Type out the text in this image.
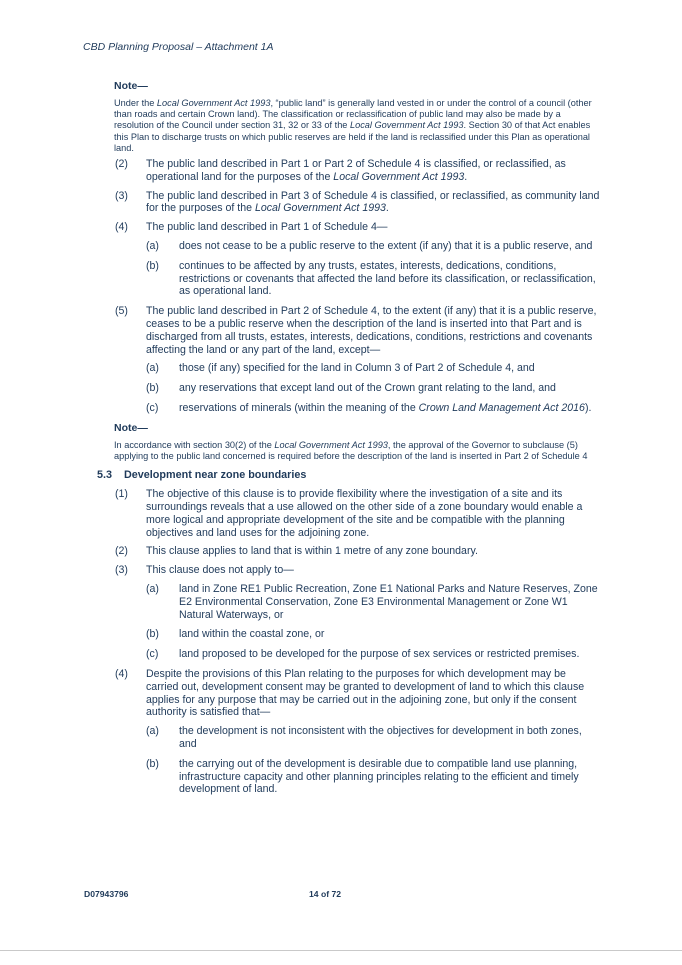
CBD Planning Proposal – Attachment 1A
Note—
Under the Local Government Act 1993, “public land” is generally land vested in or under the control of a council (other than roads and certain Crown land). The classification or reclassification of public land may also be made by a resolution of the Council under section 31, 32 or 33 of the Local Government Act 1993. Section 30 of that Act enables this Plan to discharge trusts on which public reserves are held if the land is reclassified under this Plan as operational land.
(2) The public land described in Part 1 or Part 2 of Schedule 4 is classified, or reclassified, as operational land for the purposes of the Local Government Act 1993.
(3) The public land described in Part 3 of Schedule 4 is classified, or reclassified, as community land for the purposes of the Local Government Act 1993.
(4) The public land described in Part 1 of Schedule 4—
(a) does not cease to be a public reserve to the extent (if any) that it is a public reserve, and
(b) continues to be affected by any trusts, estates, interests, dedications, conditions, restrictions or covenants that affected the land before its classification, or reclassification, as operational land.
(5) The public land described in Part 2 of Schedule 4, to the extent (if any) that it is a public reserve, ceases to be a public reserve when the description of the land is inserted into that Part and is discharged from all trusts, estates, interests, dedications, conditions, restrictions and covenants affecting the land or any part of the land, except—
(a) those (if any) specified for the land in Column 3 of Part 2 of Schedule 4, and
(b) any reservations that except land out of the Crown grant relating to the land, and
(c) reservations of minerals (within the meaning of the Crown Land Management Act 2016).
Note—
In accordance with section 30(2) of the Local Government Act 1993, the approval of the Governor to subclause (5) applying to the public land concerned is required before the description of the land is inserted in Part 2 of Schedule 4
5.3 Development near zone boundaries
(1) The objective of this clause is to provide flexibility where the investigation of a site and its surroundings reveals that a use allowed on the other side of a zone boundary would enable a more logical and appropriate development of the site and be compatible with the planning objectives and land uses for the adjoining zone.
(2) This clause applies to land that is within 1 metre of any zone boundary.
(3) This clause does not apply to—
(a) land in Zone RE1 Public Recreation, Zone E1 National Parks and Nature Reserves, Zone E2 Environmental Conservation, Zone E3 Environmental Management or Zone W1 Natural Waterways, or
(b) land within the coastal zone, or
(c) land proposed to be developed for the purpose of sex services or restricted premises.
(4) Despite the provisions of this Plan relating to the purposes for which development may be carried out, development consent may be granted to development of land to which this clause applies for any purpose that may be carried out in the adjoining zone, but only if the consent authority is satisfied that—
(a) the development is not inconsistent with the objectives for development in both zones, and
(b) the carrying out of the development is desirable due to compatible land use planning, infrastructure capacity and other planning principles relating to the efficient and timely development of land.
D07943796	14 of 72
